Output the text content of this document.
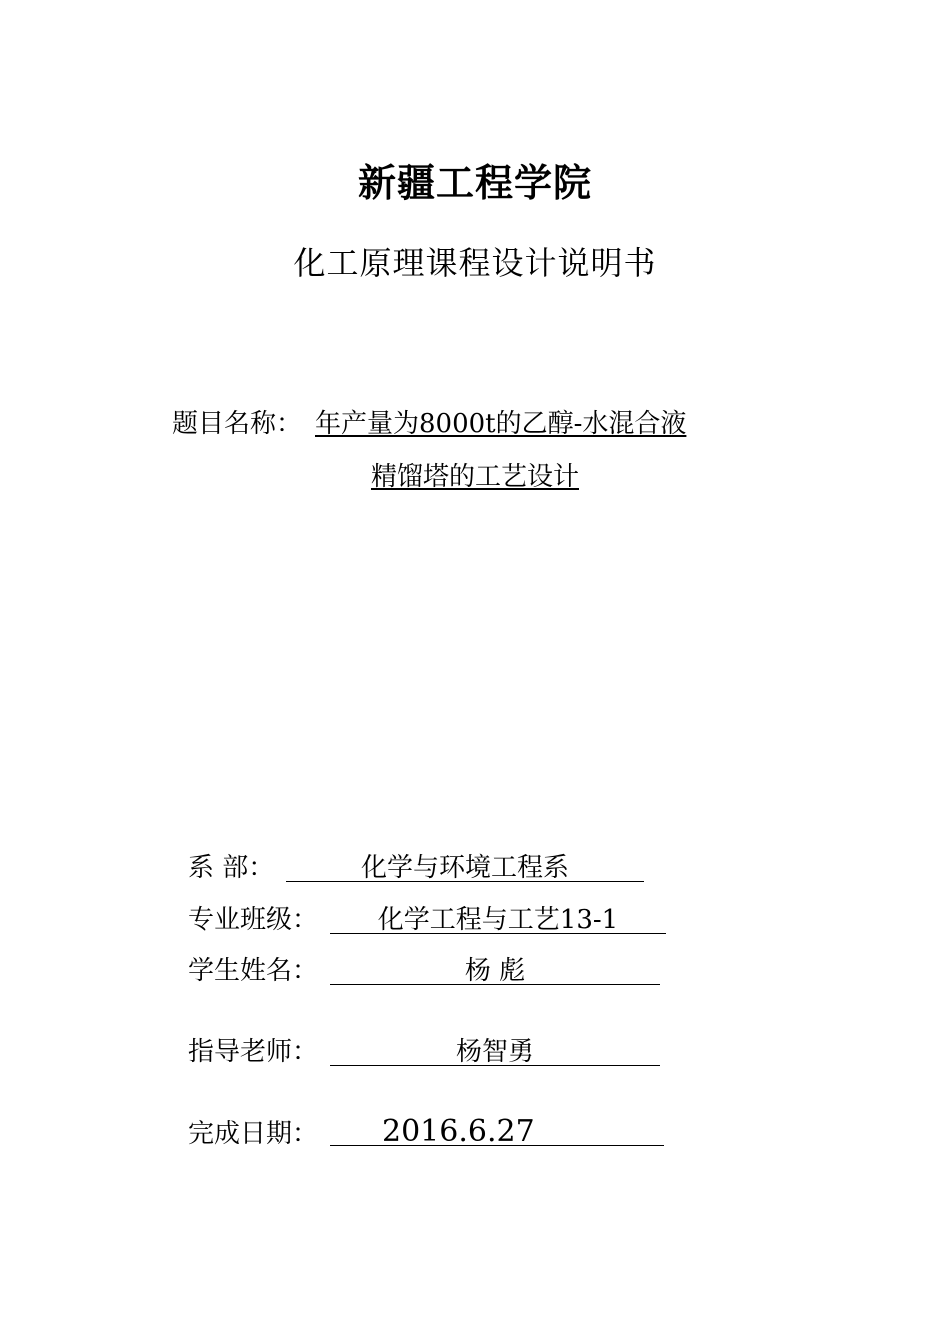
新疆工程学院
化工原理课程设计说明书
题目名称： 年产量为8000t的乙醇-水混合液
精馏塔的工艺设计
系 部：	化学与环境工程系
专业班级：	化学工程与工艺13-1
学生姓名：	杨 彪
指导老师：	杨智勇
完成日期：	2016.6.27
